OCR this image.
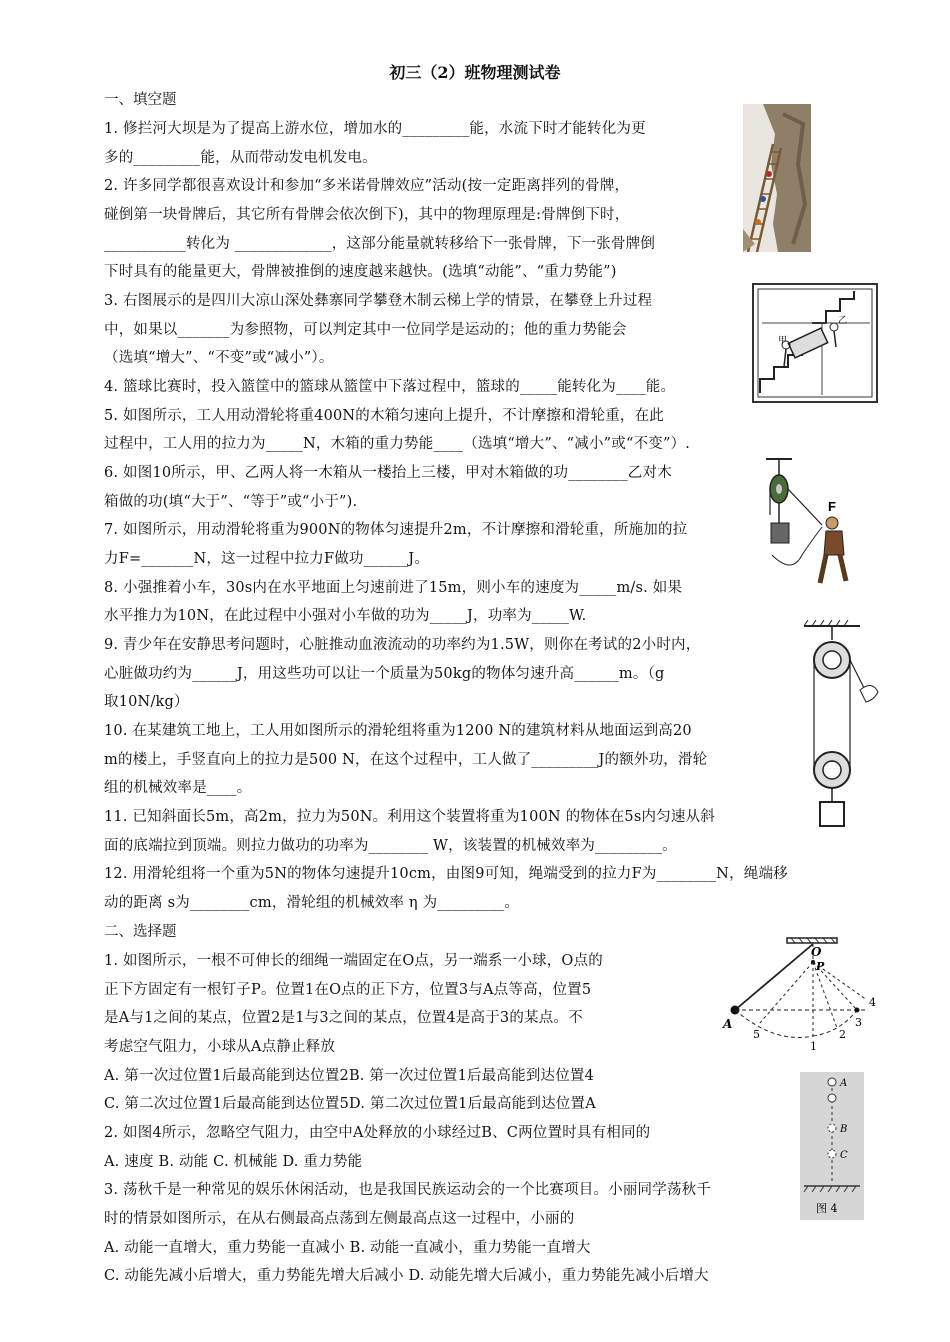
初三（2）班物理测试卷
一、填空题
1. 修拦河大坝是为了提高上游水位，增加水的_________能，水流下时才能转化为更
多的_________能，从而带动发电机发电。
2. 许多同学都很喜欢设计和参加“多米诺骨牌效应”活动(按一定距离拌列的骨牌，
碰倒第一块骨牌后，其它所有骨牌会依次倒下)，其中的物理原理是:骨牌倒下时，
___________转化为 _____________，这部分能量就转移给下一张骨牌，下一张骨牌倒
下时具有的能量更大，骨牌被推倒的速度越来越快。(选填“动能”、“重力势能”)
3. 右图展示的是四川大凉山深处彝寨同学攀登木制云梯上学的情景，在攀登上升过程
中，如果以_______为参照物，可以判定其中一位同学是运动的；他的重力势能会
（选填“增大”、“不变”或“减小”）。
4. 篮球比赛时，投入篮筐中的篮球从篮筐中下落过程中，篮球的_____能转化为____能。
5. 如图所示，工人用动滑轮将重400N的木箱匀速向上提升，不计摩擦和滑轮重，在此
过程中，工人用的拉力为_____N，木箱的重力势能____（选填“增大”、“减小”或“不变”）.
6. 如图10所示，甲、乙两人将一木箱从一楼抬上三楼，甲对木箱做的功________乙对木
箱做的功(填“大于”、“等于”或“小于”).
7. 如图所示，用动滑轮将重为900N的物体匀速提升2m，不计摩擦和滑轮重，所施加的拉
力F=_______N，这一过程中拉力F做功______J。
8. 小强推着小车，30s内在水平地面上匀速前进了15m，则小车的速度为_____m/s. 如果
水平推力为10N，在此过程中小强对小车做的功为_____J，功率为_____W.
9. 青少年在安静思考问题时，心脏推动血液流动的功率约为1.5W，则你在考试的2小时内，
心脏做功约为______J，用这些功可以让一个质量为50kg的物体匀速升高______m。（g
取10N/kg）
10. 在某建筑工地上，工人用如图所示的滑轮组将重为1200 N的建筑材料从地面运到高20
m的楼上，手竖直向上的拉力是500 N，在这个过程中，工人做了_________J的额外功，滑轮
组的机械效率是____。
11. 已知斜面长5m，高2m，拉力为50N。利用这个装置将重为100N 的物体在5s内匀速从斜
面的底端拉到顶端。则拉力做功的功率为________ W，该装置的机械效率为_________。
12. 用滑轮组将一个重为5N的物体匀速提升10cm，由图9可知，绳端受到的拉力F为________N，绳端移
动的距离 s为________cm，滑轮组的机械效率 η 为_________。
二、选择题
1. 如图所示，一根不可伸长的细绳一端固定在O点，另一端系一小球，O点的
正下方固定有一根钉子P。位置1在O点的正下方，位置3与A点等高，位置5
是A与1之间的某点，位置2是1与3之间的某点，位置4是高于3的某点。不
考虑空气阻力，小球从A点静止释放
A. 第一次过位置1后最高能到达位置2B. 第一次过位置1后最高能到达位置4
C. 第二次过位置1后最高能到达位置5D. 第二次过位置1后最高能到达位置A
2. 如图4所示，忽略空气阻力，由空中A处释放的小球经过B、C两位置时具有相同的
A. 速度 B. 动能 C. 机械能 D. 重力势能
3. 荡秋千是一种常见的娱乐休闲活动，也是我国民族运动会的一个比赛项目。小丽同学荡秋千
时的情景如图所示，在从右侧最高点荡到左侧最高点这一过程中，小丽的
A. 动能一直增大，重力势能一直减小 B. 动能一直减小，重力势能一直增大
C. 动能先减小后增大，重力势能先增大后减小 D. 动能先增大后减小，重力势能先减小后增大
甲
乙
F
O
P
A
1
2
3
4
5
A
B
C
图 4
